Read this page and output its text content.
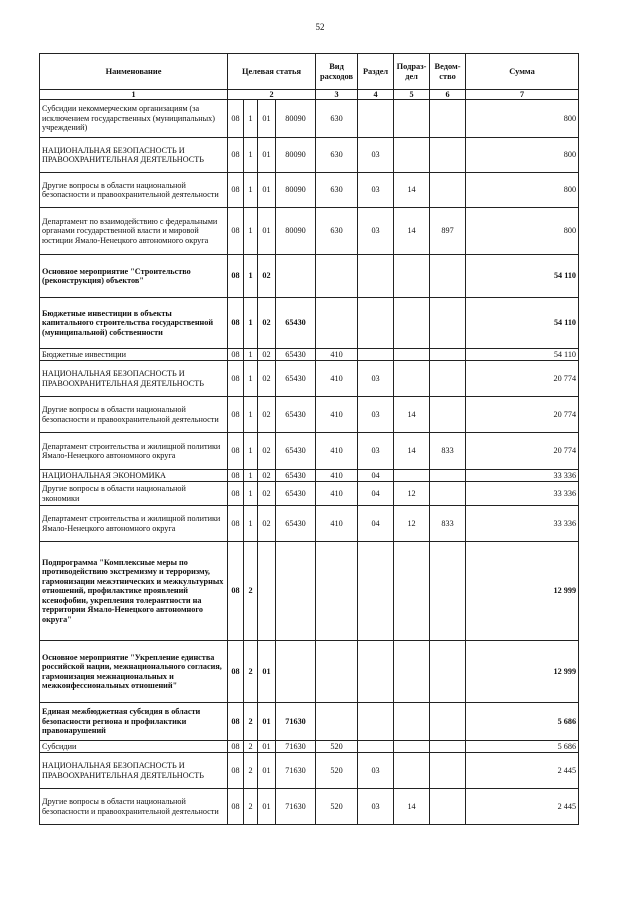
52
Наименование	Целевая статья				Вид расходов	Раздел	Подраз-дел	Ведом-ство	Сумма
1	2				3	4	5	6	7
Субсидии некоммерческим организациям (за исключением государственных (муниципальных) учреждений)	08	1	01	80090	630				800
НАЦИОНАЛЬНАЯ БЕЗОПАСНОСТЬ И ПРАВООХРАНИТЕЛЬНАЯ ДЕЯТЕЛЬНОСТЬ	08	1	01	80090	630	03			800
Другие вопросы в области национальной безопасности и правоохранительной деятельности	08	1	01	80090	630	03	14		800
Департамент по взаимодействию с федеральными органами государственной власти и мировой юстиции Ямало-Ненецкого автономного округа	08	1	01	80090	630	03	14	897	800
Основное мероприятие "Строительство (реконструкция) объектов"	08	1	02						54 110
Бюджетные инвестиции в объекты капитального строительства государственной (муниципальной) собственности	08	1	02	65430					54 110
Бюджетные инвестиции	08	1	02	65430	410				54 110
НАЦИОНАЛЬНАЯ БЕЗОПАСНОСТЬ И ПРАВООХРАНИТЕЛЬНАЯ ДЕЯТЕЛЬНОСТЬ	08	1	02	65430	410	03			20 774
Другие вопросы в области национальной безопасности и правоохранительной деятельности	08	1	02	65430	410	03	14		20 774
Департамент строительства и жилищной политики Ямало-Ненецкого автономного округа	08	1	02	65430	410	03	14	833	20 774
НАЦИОНАЛЬНАЯ ЭКОНОМИКА	08	1	02	65430	410	04			33 336
Другие вопросы в области национальной экономики	08	1	02	65430	410	04	12		33 336
Департамент строительства и жилищной политики Ямало-Ненецкого автономного округа	08	1	02	65430	410	04	12	833	33 336
Подпрограмма "Комплексные меры по противодействию экстремизму и терроризму, гармонизации межэтнических и межкультурных отношений, профилактике проявлений ксенофобии, укрепления толерантности на территории Ямало-Ненецкого автономного округа"	08	2							12 999
Основное мероприятие "Укрепление единства российской нации, межнационального согласия, гармонизация межнациональных и межконфессиональных отношений"	08	2	01						12 999
Единая межбюджетная субсидия в области безопасности региона и профилактики правонарушений	08	2	01	71630					5 686
Субсидии	08	2	01	71630	520				5 686
НАЦИОНАЛЬНАЯ БЕЗОПАСНОСТЬ И ПРАВООХРАНИТЕЛЬНАЯ ДЕЯТЕЛЬНОСТЬ	08	2	01	71630	520	03			2 445
Другие вопросы в области национальной безопасности и правоохранительной деятельности	08	2	01	71630	520	03	14		2 445
